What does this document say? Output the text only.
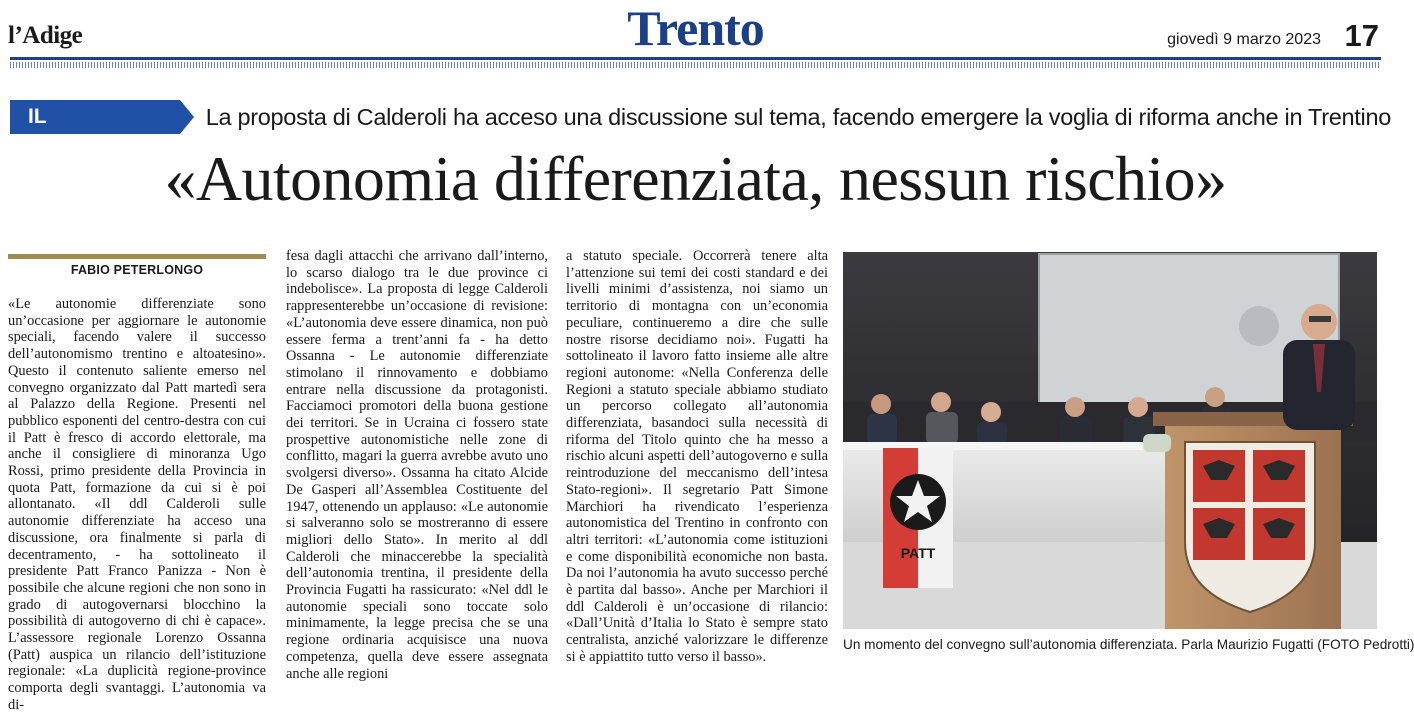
l’Adige	Trento	giovedì 9 marzo 2023 17
IL CONVEGNO
La proposta di Calderoli ha acceso una discussione sul tema, facendo emergere la voglia di riforma anche in Trentino
«Autonomia differenziata, nessun rischio»
FABIO PETERLONGO

«Le autonomie differenziate sono un’occasione per aggiornare le autonomie speciali, facendo valere il successo dell’autonomismo trentino e altoatesino». Questo il contenuto saliente emerso nel convegno organizzato dal Patt martedì sera al Palazzo della Regione. Presenti nel pubblico esponenti del centro-destra con cui il Patt è fresco di accordo elettorale, ma anche il consigliere di minoranza Ugo Rossi, primo presidente della Provincia in quota Patt, formazione da cui si è poi allontanato. «Il ddl Calderoli sulle autonomie differenziate ha acceso una discussione, ora finalmente si parla di decentramento, - ha sottolineato il presidente Patt Franco Panizza - Non è possibile che alcune regioni che non sono in grado di autogovernarsi blocchino la possibilità di autogoverno di chi è capace». L’assessore regionale Lorenzo Ossanna (Patt) auspica un rilancio dell’istituzione regionale: «La duplicità regione-province comporta degli svantaggi. L’autonomia va di-

fesa dagli attacchi che arrivano dall’interno, lo scarso dialogo tra le due province ci indebolisce». La proposta di legge Calderoli rappresenterebbe un’occasione di revisione: «L’autonomia deve essere dinamica, non può essere ferma a trent’anni fa - ha detto Ossanna - Le autonomie differenziate stimolano il rinnovamento e dobbiamo entrare nella discussione da protagonisti. Facciamoci promotori della buona gestione dei territori. Se in Ucraina ci fossero state prospettive autonomistiche nelle zone di conflitto, magari la guerra avrebbe avuto uno svolgersi diverso». Ossanna ha citato Alcide De Gasperi all’Assemblea Costituente del 1947, ottenendo un applauso: «Le autonomie si salveranno solo se mostreranno di essere migliori dello Stato». In merito al ddl Calderoli che minaccerebbe la specialità dell’autonomia trentina, il presidente della Provincia Fugatti ha rassicurato: «Nel ddl le autonomie speciali sono toccate solo minimamente, la legge precisa che se una regione ordinaria acquisisce una nuova competenza, quella deve essere assegnata anche alle regioni

a statuto speciale. Occorrerà tenere alta l’attenzione sui temi dei costi standard e dei livelli minimi d’assistenza, noi siamo un territorio di montagna con un’economia peculiare, continueremo a dire che sulle nostre risorse decidiamo noi». Fugatti ha sottolineato il lavoro fatto insieme alle altre regioni autonome: «Nella Conferenza delle Regioni a statuto speciale abbiamo studiato un percorso collegato all’autonomia differenziata, basandoci sulla necessità di riforma del Titolo quinto che ha messo a rischio alcuni aspetti dell’autogoverno e sulla reintroduzione del meccanismo dell’intesa Stato-regioni». Il segretario Patt Simone Marchiori ha rivendicato l’esperienza autonomistica del Trentino in confronto con altri territori: «L’autonomia come istituzioni e come disponibilità economiche non basta. Da noi l’autonomia ha avuto successo perché è partita dal basso». Anche per Marchiori il ddl Calderoli è un’occasione di rilancio: «Dall’Unità d’Italia lo Stato è sempre stato centralista, anziché valorizzare le differenze si è appiattito tutto verso il basso».

PATT
Un momento del convegno sull’autonomia differenziata. Parla Maurizio Fugatti (FOTO Pedrotti)
